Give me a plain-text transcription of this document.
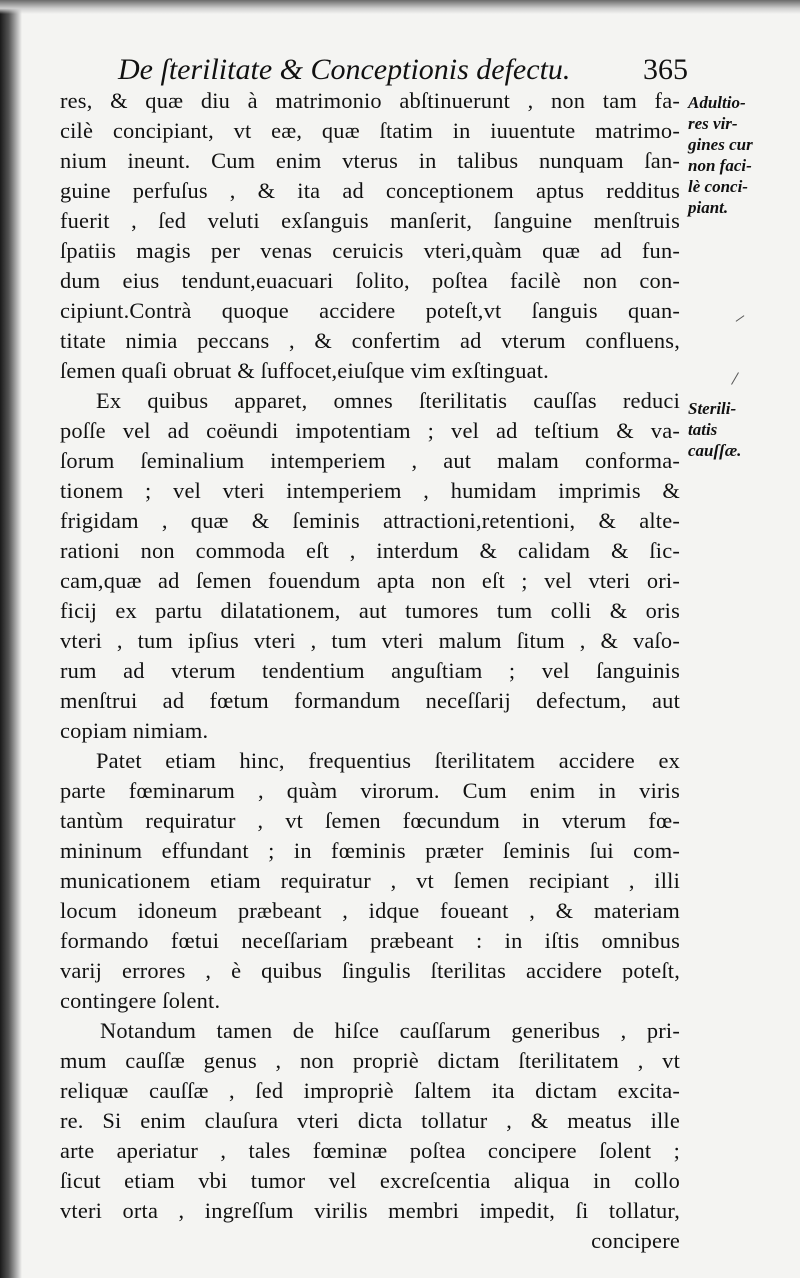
De ſterilitate & Conceptionis defectu. 365
res, & quæ diu à matrimonio abſtinuerunt , non tam fa-
cilè concipiant, vt eæ, quæ ſtatim in iuuentute matrimo-
nium ineunt. Cum enim vterus in talibus nunquam ſan-
guine perfuſus , & ita ad conceptionem aptus redditus
fuerit , ſed veluti exſanguis manſerit, ſanguine menſtruis
ſpatiis magis per venas ceruicis vteri,quàm quæ ad fun-
dum eius tendunt,euacuari ſolito, poſtea facilè non con-
cipiunt.Contrà quoque accidere poteſt,vt ſanguis quan-
titate nimia peccans , & confertim ad vterum confluens,
ſemen quaſi obruat & ſuffocet,eiuſque vim exſtinguat.
Ex quibus apparet, omnes ſterilitatis cauſſas reduci
poſſe vel ad coëundi impotentiam ; vel ad teſtium & va-
ſorum ſeminalium intemperiem , aut malam conforma-
tionem ; vel vteri intemperiem , humidam imprimis &
frigidam , quæ & ſeminis attractioni,retentioni, & alte-
rationi non commoda eſt , interdum & calidam & ſic-
cam,quæ ad ſemen fouendum apta non eſt ; vel vteri ori-
ficij ex partu dilatationem, aut tumores tum colli & oris
vteri , tum ipſius vteri , tum vteri malum ſitum , & vaſo-
rum ad vterum tendentium anguſtiam ; vel ſanguinis
menſtrui ad fœtum formandum neceſſarij defectum, aut
copiam nimiam.
Patet etiam hinc, frequentius ſterilitatem accidere ex
parte fœminarum , quàm virorum. Cum enim in viris
tantùm requiratur , vt ſemen fœcundum in vterum fœ-
mininum effundant ; in fœminis præter ſeminis ſui com-
municationem etiam requiratur , vt ſemen recipiant , illi
locum idoneum præbeant , idque foueant , & materiam
formando fœtui neceſſariam præbeant : in iſtis omnibus
varij errores , è quibus ſingulis ſterilitas accidere poteſt,
contingere ſolent.
Notandum tamen de hiſce cauſſarum generibus , pri-
mum cauſſæ genus , non propriè dictam ſterilitatem , vt
reliquæ cauſſæ , ſed impropriè ſaltem ita dictam excita-
re. Si enim clauſura vteri dicta tollatur , & meatus ille
arte aperiatur , tales fœminæ poſtea concipere ſolent ;
ſicut etiam vbi tumor vel excreſcentia aliqua in collo
vteri orta , ingreſſum virilis membri impedit, ſi tollatur,
concipere
Adultio-
res vir-
gines cur
non faci-
lè conci-
piant.
Sterili-
tatis
cauſſæ.
